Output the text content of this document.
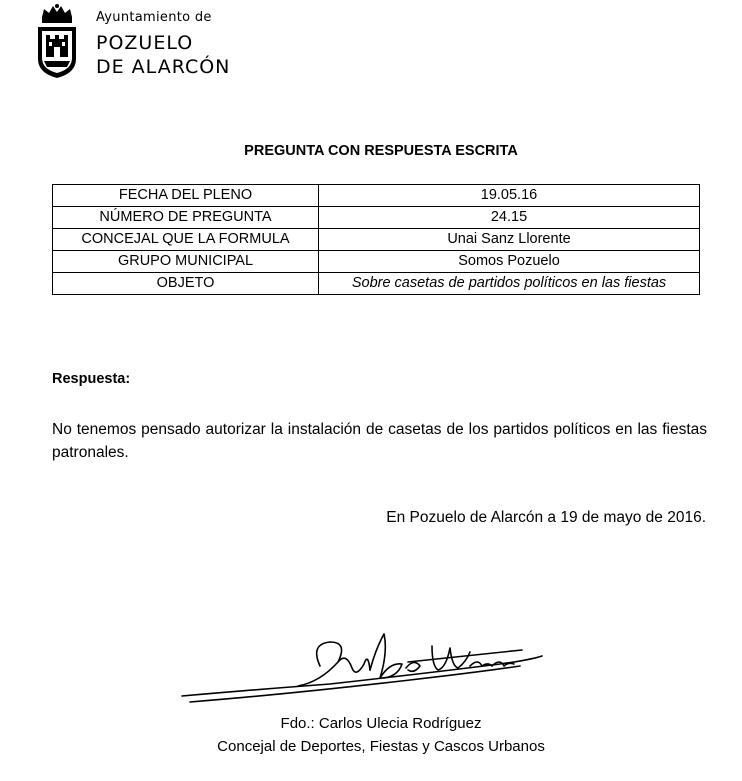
Ayuntamiento de
POZUELO
DE ALARCÓN
PREGUNTA CON RESPUESTA ESCRITA
FECHA DEL PLENO	19.05.16
NÚMERO DE PREGUNTA	24.15
CONCEJAL QUE LA FORMULA	Unai Sanz Llorente
GRUPO MUNICIPAL	Somos Pozuelo
OBJETO	Sobre casetas de partidos políticos en las fiestas
Respuesta:
No tenemos pensado autorizar la instalación de casetas de los partidos políticos en las fiestas patronales.
En Pozuelo de Alarcón a 19 de mayo de 2016.
Fdo.: Carlos Ulecia Rodríguez
Concejal de Deportes, Fiestas y Cascos Urbanos
